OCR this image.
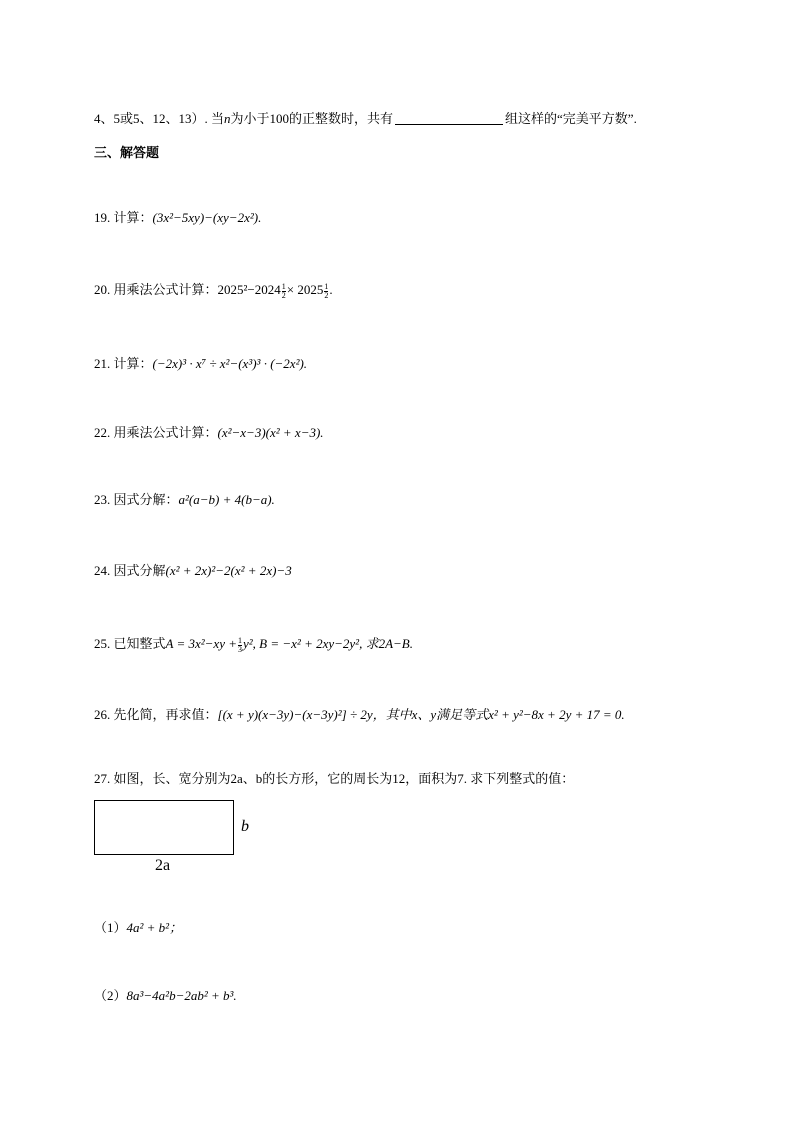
4、5或5、12、13）. 当n为小于100的正整数时，共有	组这样的“完美平方数”.
三、解答题
19. 计算：(3x²−5xy)−(xy−2x²).
20. 用乘法公式计算：$2025^2-2024 \frac{1}{2} \times 2025 \frac{1}{2}$ .
21. 计算：(−2x)³ · x⁷ ÷ x²−(x³)³ · (−2x²).
22. 用乘法公式计算：(x²−x−3)(x² + x−3).
23. 因式分解：a²(a−b) + 4(b−a).
24. 因式分解(x² + 2x)²−2(x² + 2x)−3
25. 已知整式$A = 3x^2-xy + \frac{1}{3} y^2$, B = −x² + 2xy−2y², 求2A−B.
26. 先化简，再求值：[(x + y)(x−3y)−(x−3y)²] ÷ 2y，其中x、y满足等式x² + y²−8x + 2y + 17 = 0.
27. 如图，长、宽分别为2a、b的长方形，它的周长为12，面积为7. 求下列整式的值：
b
2a
（1）4a² + b²；
（2）8a³−4a²b−2ab² + b³.
